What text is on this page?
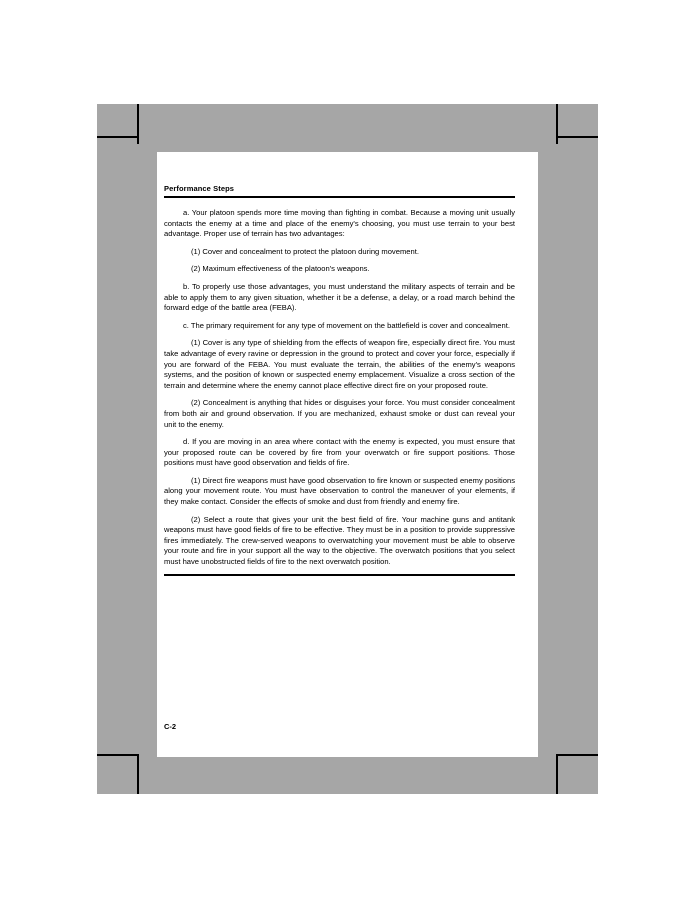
Performance Steps

a. Your platoon spends more time moving than fighting in combat. Because a moving unit usually contacts the enemy at a time and place of the enemy's choosing, you must use terrain to your best advantage. Proper use of terrain has two advantages:

(1) Cover and concealment to protect the platoon during movement.

(2) Maximum effectiveness of the platoon's weapons.

b. To properly use those advantages, you must understand the military aspects of terrain and be able to apply them to any given situation, whether it be a defense, a delay, or a road march behind the forward edge of the battle area (FEBA).

c. The primary requirement for any type of movement on the battlefield is cover and concealment.

(1) Cover is any type of shielding from the effects of weapon fire, especially direct fire. You must take advantage of every ravine or depression in the ground to protect and cover your force, especially if you are forward of the FEBA. You must evaluate the terrain, the abilities of the enemy's weapons systems, and the position of known or suspected enemy emplacement. Visualize a cross section of the terrain and determine where the enemy cannot place effective direct fire on your proposed route.

(2) Concealment is anything that hides or disguises your force. You must consider concealment from both air and ground observation. If you are mechanized, exhaust smoke or dust can reveal your unit to the enemy.

d. If you are moving in an area where contact with the enemy is expected, you must ensure that your proposed route can be covered by fire from your overwatch or fire support positions. Those positions must have good observation and fields of fire.

(1) Direct fire weapons must have good observation to fire known or suspected enemy positions along your movement route. You must have observation to control the maneuver of your elements, if they make contact. Consider the effects of smoke and dust from friendly and enemy fire.

(2) Select a route that gives your unit the best field of fire. Your machine guns and antitank weapons must have good fields of fire to be effective. They must be in a position to provide suppressive fires immediately. The crew-served weapons to overwatching your movement must be able to observe your route and fire in your support all the way to the objective. The overwatch positions that you select must have unobstructed fields of fire to the next overwatch position.

C-2
